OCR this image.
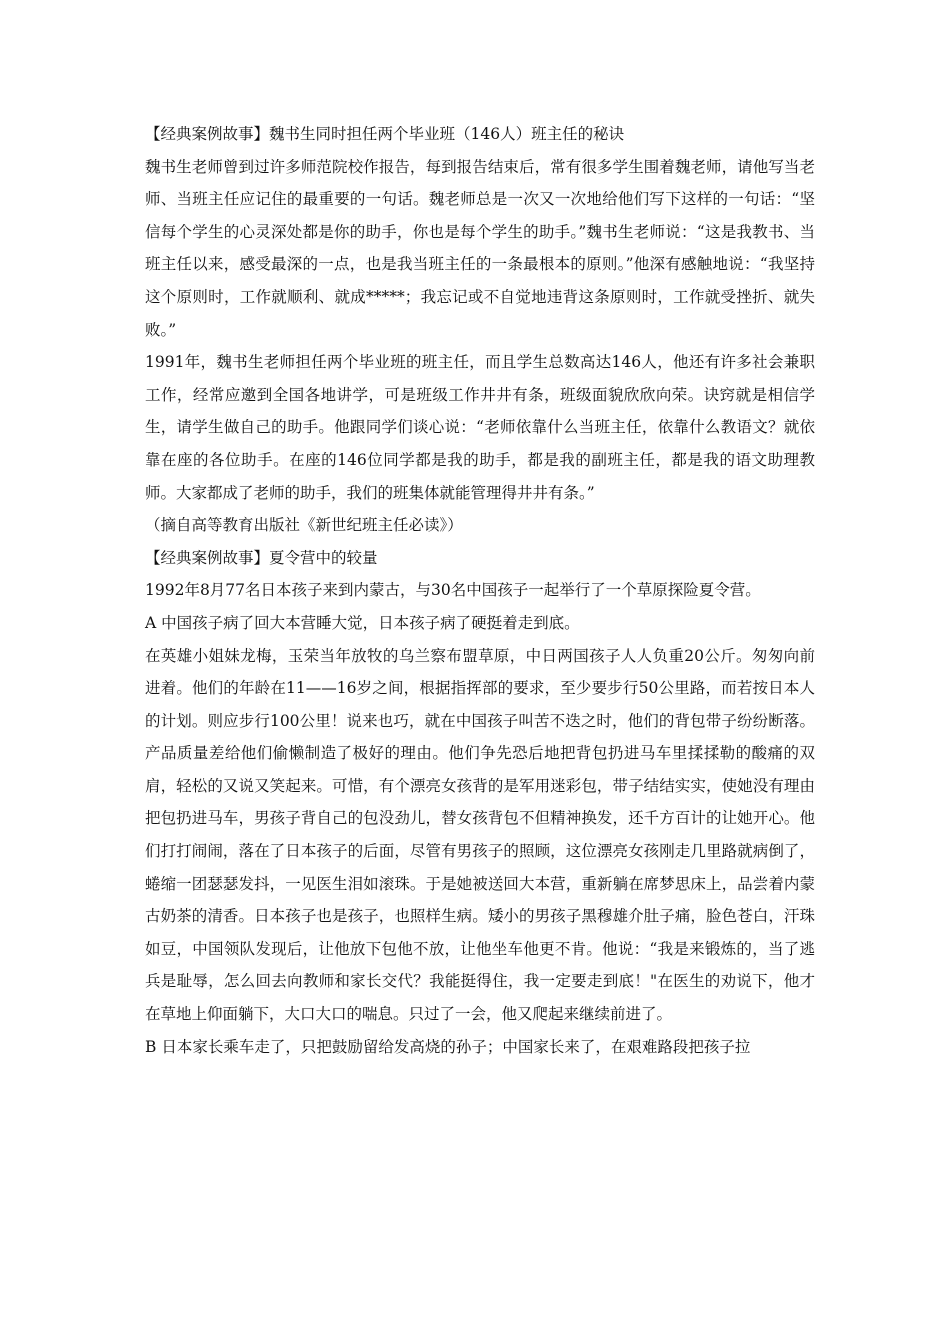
【经典案例故事】魏书生同时担任两个毕业班（146人）班主任的秘诀

魏书生老师曾到过许多师范院校作报告，每到报告结束后，常有很多学生围着魏老师，请他写当老师、当班主任应记住的最重要的一句话。魏老师总是一次又一次地给他们写下这样的一句话：“坚信每个学生的心灵深处都是你的助手，你也是每个学生的助手。”魏书生老师说：“这是我教书、当班主任以来，感受最深的一点，也是我当班主任的一条最根本的原则。”他深有感触地说：“我坚持这个原则时，工作就顺利、就成*****；我忘记或不自觉地违背这条原则时，工作就受挫折、就失败。”

1991年，魏书生老师担任两个毕业班的班主任，而且学生总数高达146人，他还有许多社会兼职工作，经常应邀到全国各地讲学，可是班级工作井井有条，班级面貌欣欣向荣。诀窍就是相信学生，请学生做自己的助手。他跟同学们谈心说：“老师依靠什么当班主任，依靠什么教语文？就依靠在座的各位助手。在座的146位同学都是我的助手，都是我的副班主任，都是我的语文助理教师。大家都成了老师的助手，我们的班集体就能管理得井井有条。”

（摘自高等教育出版社《新世纪班主任必读》）

【经典案例故事】夏令营中的较量

1992年8月77名日本孩子来到内蒙古，与30名中国孩子一起举行了一个草原探险夏令营。

A 中国孩子病了回大本营睡大觉，日本孩子病了硬挺着走到底。

在英雄小姐妹龙梅，玉荣当年放牧的乌兰察布盟草原，中日两国孩子人人负重20公斤。匆匆向前进着。他们的年龄在11——16岁之间，根据指挥部的要求，至少要步行50公里路，而若按日本人的计划。则应步行100公里！说来也巧，就在中国孩子叫苦不迭之时，他们的背包带子纷纷断落。产品质量差给他们偷懒制造了极好的理由。他们争先恐后地把背包扔进马车里揉揉勒的酸痛的双肩，轻松的又说又笑起来。可惜，有个漂亮女孩背的是军用迷彩包，带子结结实实，使她没有理由把包扔进马车，男孩子背自己的包没劲儿，替女孩背包不但精神换发，还千方百计的让她开心。他们打打闹闹，落在了日本孩子的后面，尽管有男孩子的照顾，这位漂亮女孩刚走几里路就病倒了，蜷缩一团瑟瑟发抖，一见医生泪如滚珠。于是她被送回大本营，重新躺在席梦思床上，品尝着内蒙古奶茶的清香。日本孩子也是孩子，也照样生病。矮小的男孩子黑穆雄介肚子痛，脸色苍白，汗珠如豆，中国领队发现后，让他放下包他不放，让他坐车他更不肯。他说：“我是来锻炼的，当了逃兵是耻辱，怎么回去向教师和家长交代？我能挺得住，我一定要走到底！"在医生的劝说下，他才在草地上仰面躺下，大口大口的喘息。只过了一会，他又爬起来继续前进了。

B 日本家长乘车走了，只把鼓励留给发高烧的孙子；中国家长来了，在艰难路段把孩子拉
